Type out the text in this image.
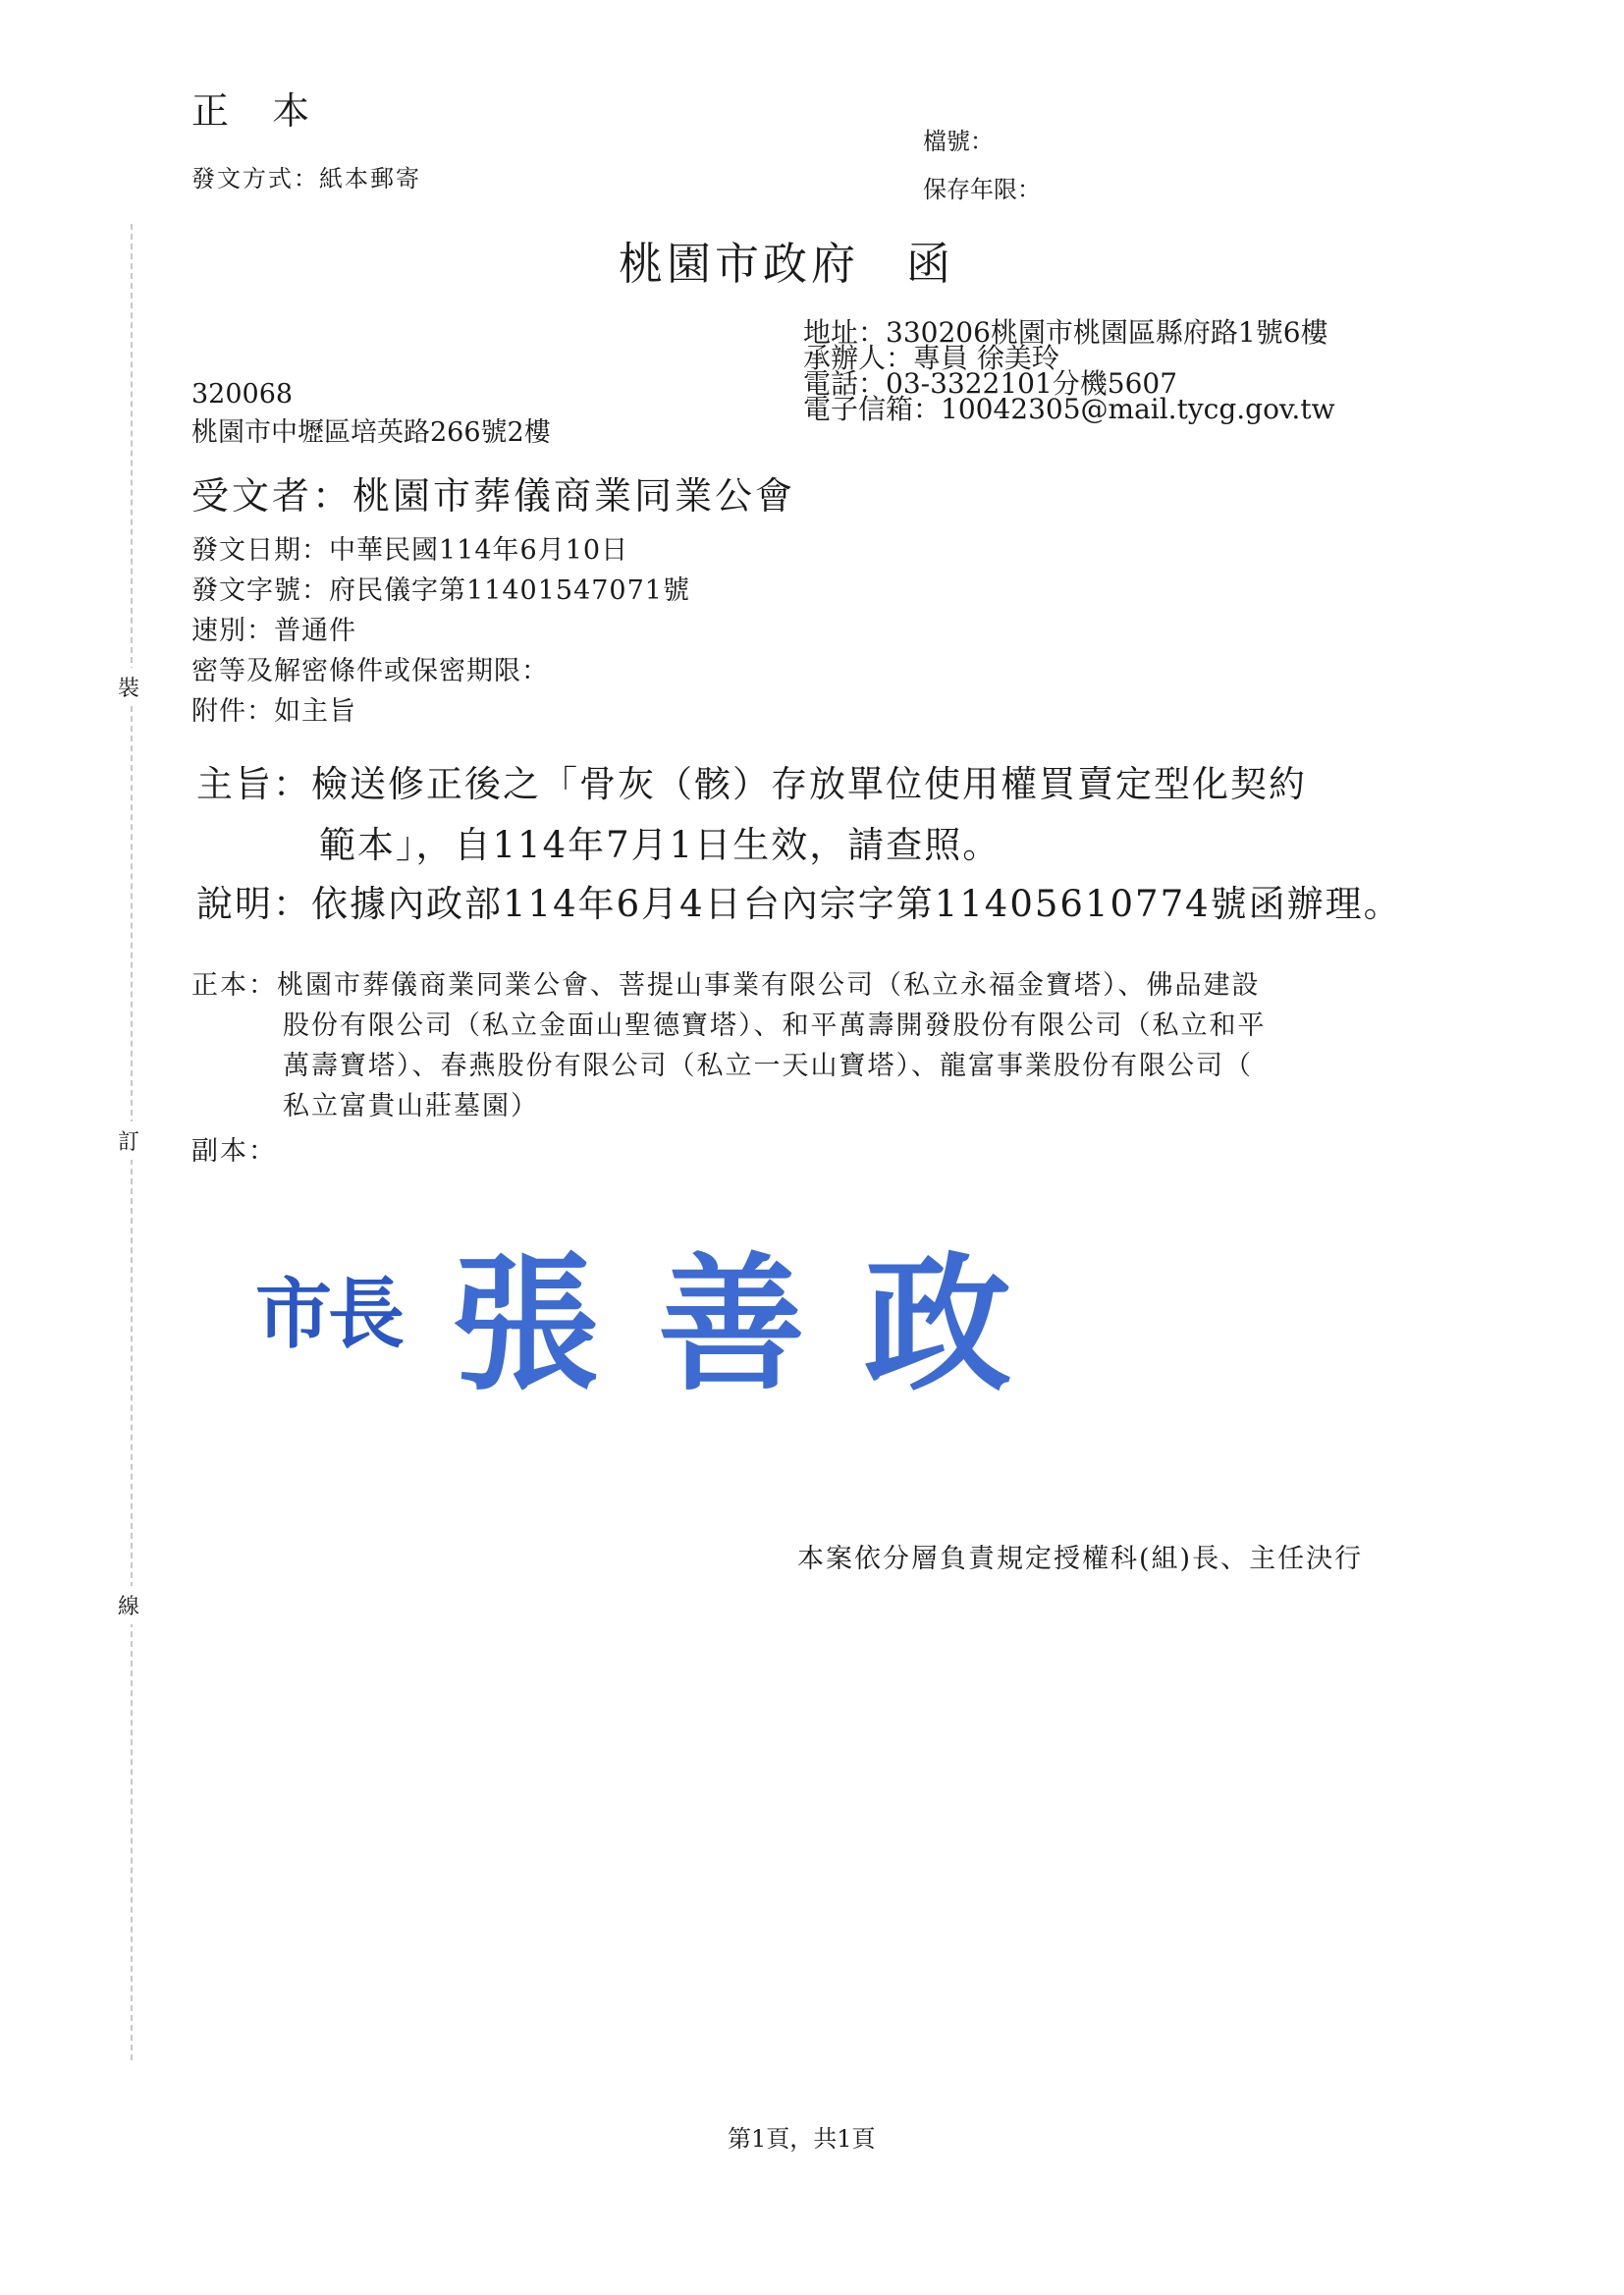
裝
訂
線
正 本
發文方式：紙本郵寄
檔號：
保存年限：
桃園市政府 函
地址：330206桃園市桃園區縣府路1號6樓
承辦人：專員 徐美玲
電話：03-3322101分機5607
電子信箱：10042305@mail.tycg.gov.tw
320068
桃園市中壢區培英路266號2樓
受文者：桃園市葬儀商業同業公會
發文日期：中華民國114年6月10日
發文字號：府民儀字第11401547071號
速別：普通件
密等及解密條件或保密期限：
附件：如主旨
主旨：檢送修正後之「骨灰（骸）存放單位使用權買賣定型化契約
範本」，自114年7月1日生效，請查照。
說明：依據內政部114年6月4日台內宗字第11405610774號函辦理。
正本：桃園市葬儀商業同業公會、菩提山事業有限公司（私立永福金寶塔）、佛品建設
股份有限公司（私立金面山聖德寶塔）、和平萬壽開發股份有限公司（私立和平
萬壽寶塔）、春燕股份有限公司（私立一天山寶塔）、龍富事業股份有限公司（
私立富貴山莊墓園）
副本：
市長 張善政
本案依分層負責規定授權科(組)長、主任決行
第1頁，共1頁
